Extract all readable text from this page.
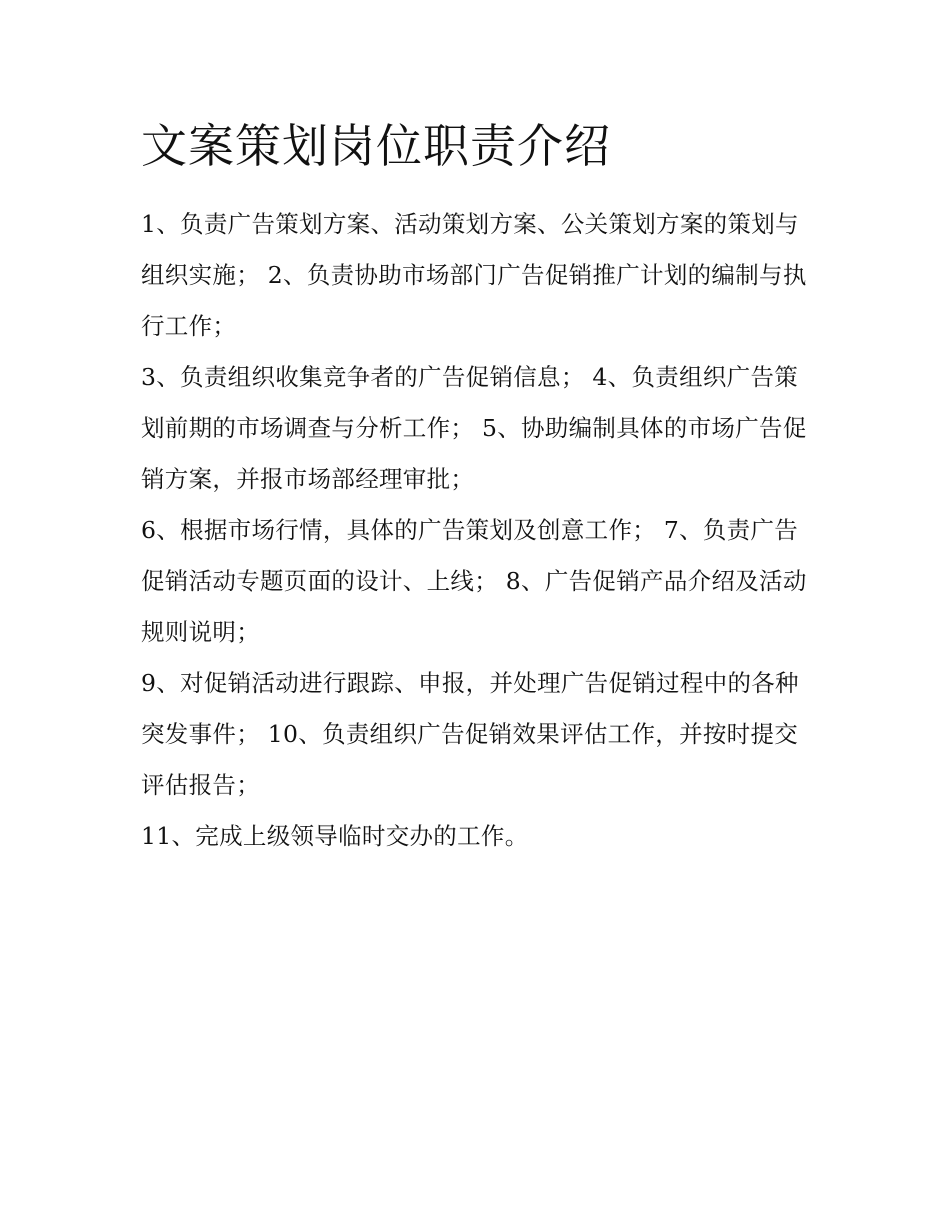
文案策划岗位职责介绍

1、负责广告策划方案、活动策划方案、公关策划方案的策划与组织实施； 2、负责协助市场部门广告促销推广计划的编制与执行工作；

3、负责组织收集竞争者的广告促销信息； 4、负责组织广告策划前期的市场调查与分析工作； 5、协助编制具体的市场广告促销方案，并报市场部经理审批；

6、根据市场行情，具体的广告策划及创意工作； 7、负责广告促销活动专题页面的设计、上线； 8、广告促销产品介绍及活动规则说明；

9、对促销活动进行跟踪、申报，并处理广告促销过程中的各种突发事件； 10、负责组织广告促销效果评估工作，并按时提交评估报告；

11、完成上级领导临时交办的工作。
